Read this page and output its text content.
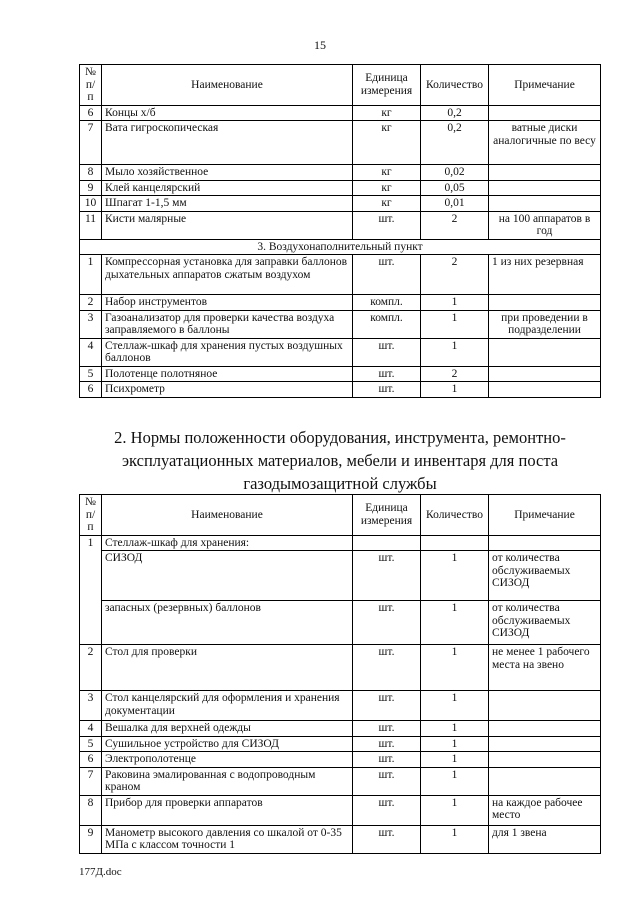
15
№ п/п	Наименование	Единица измерения	Количество	Примечание
6	Концы х/б	кг	0,2	
7	Вата гигроскопическая	кг	0,2	ватные диски аналогичные по весу
8	Мыло хозяйственное	кг	0,02	
9	Клей канцелярский	кг	0,05	
10	Шпагат 1-1,5 мм	кг	0,01	
11	Кисти малярные	шт.	2	на 100 аппаратов в год
3. Воздухонаполнительный пункт				
1	Компрессорная установка для заправки баллонов дыхательных аппаратов сжатым воздухом	шт.	2	1 из них резервная
2	Набор инструментов	компл.	1	
3	Газоанализатор для проверки качества воздуха заправляемого в баллоны	компл.	1	при проведении в подразделении
4	Стеллаж-шкаф для хранения пустых воздушных баллонов	шт.	1	
5	Полотенце полотняное	шт.	2	
6	Психрометр	шт.	1	
2. Нормы положенности оборудования, инструмента, ремонтно-эксплуатационных материалов, мебели и инвентаря для поста газодымозащитной службы
№ п/п	Наименование	Единица измерения	Количество	Примечание
1	Стеллаж-шкаф для хранения:			
	СИЗОД	шт.	1	от количества обслуживаемых СИЗОД
	запасных (резервных) баллонов	шт.	1	от количества обслуживаемых СИЗОД
2	Стол для проверки	шт.	1	не менее 1 рабочего места на звено
3	Стол канцелярский для оформления и хранения документации	шт.	1	
4	Вешалка для верхней одежды	шт.	1	
5	Сушильное устройство для СИЗОД	шт.	1	
6	Электрополотенце	шт.	1	
7	Раковина эмалированная с водопроводным краном	шт.	1	
8	Прибор для проверки аппаратов	шт.	1	на каждое рабочее место
9	Манометр высокого давления со шкалой от 0-35 МПа с классом точности 1	шт.	1	для 1 звена
177Д.doc
